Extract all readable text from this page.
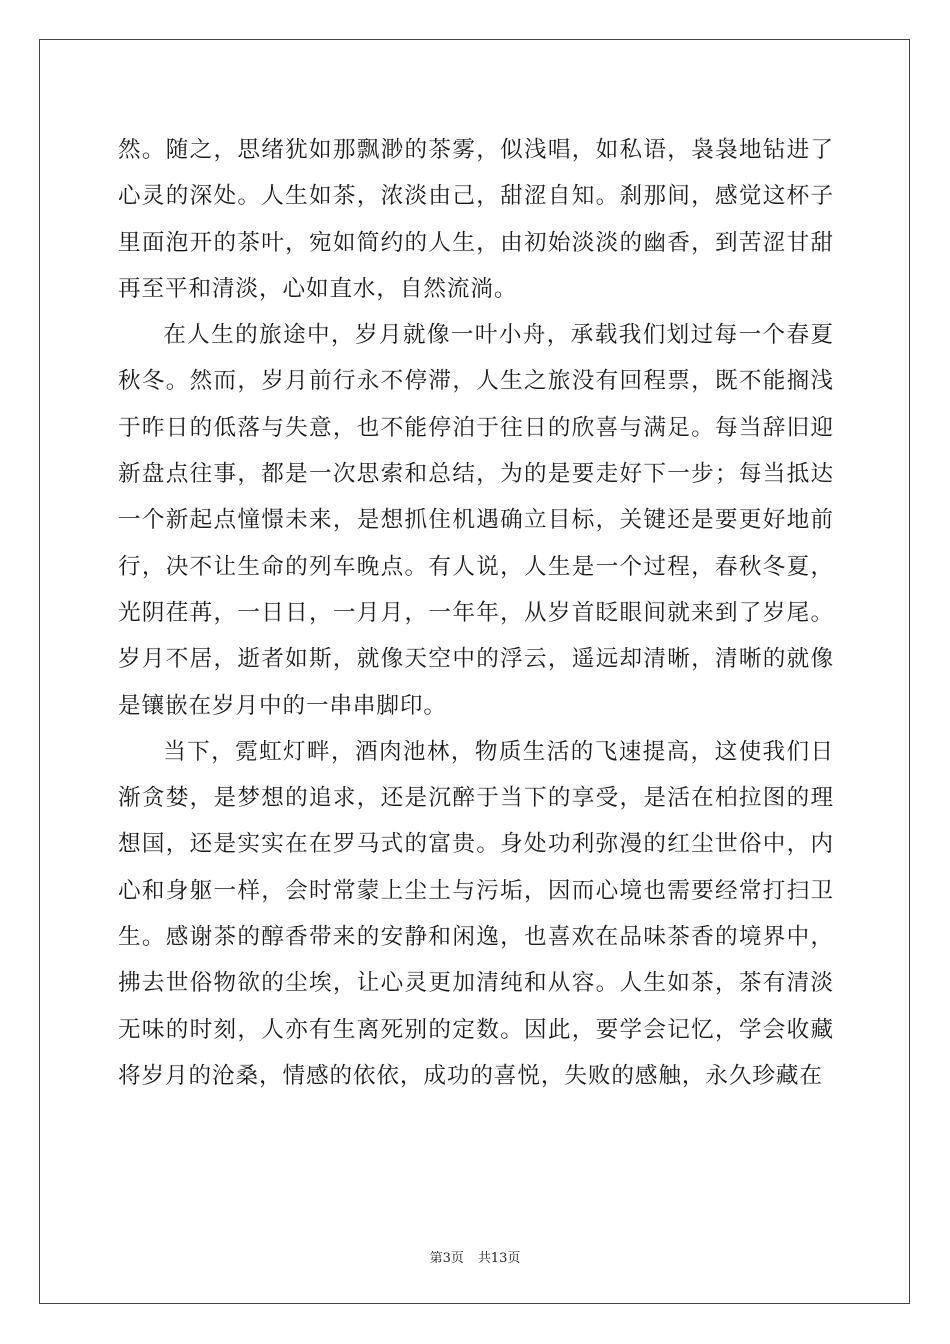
然。随之，思绪犹如那飘渺的茶雾，似浅唱，如私语，袅袅地钻进了心灵的深处。人生如茶，浓淡由己，甜涩自知。刹那间，感觉这杯子里面泡开的茶叶，宛如简约的人生，由初始淡淡的幽香，到苦涩甘甜再至平和清淡，心如直水，自然流淌。

在人生的旅途中，岁月就像一叶小舟，承载我们划过每一个春夏秋冬。然而，岁月前行永不停滞，人生之旅没有回程票，既不能搁浅于昨日的低落与失意，也不能停泊于往日的欣喜与满足。每当辞旧迎新盘点往事，都是一次思索和总结，为的是要走好下一步；每当抵达一个新起点憧憬未来，是想抓住机遇确立目标，关键还是要更好地前行，决不让生命的列车晚点。有人说，人生是一个过程，春秋冬夏，光阴荏苒，一日日，一月月，一年年，从岁首眨眼间就来到了岁尾。岁月不居，逝者如斯，就像天空中的浮云，遥远却清晰，清晰的就像是镶嵌在岁月中的一串串脚印。

当下，霓虹灯畔，酒肉池林，物质生活的飞速提高，这使我们日渐贪婪，是梦想的追求，还是沉醉于当下的享受，是活在柏拉图的理想国，还是实实在在罗马式的富贵。身处功利弥漫的红尘世俗中，内心和身躯一样，会时常蒙上尘土与污垢，因而心境也需要经常打扫卫生。感谢茶的醇香带来的安静和闲逸，也喜欢在品味茶香的境界中，拂去世俗物欲的尘埃，让心灵更加清纯和从容。人生如茶，茶有清淡无味的时刻，人亦有生离死别的定数。因此，要学会记忆，学会收藏将岁月的沧桑，情感的依依，成功的喜悦，失败的感触，永久珍藏在

第3页 共13页
